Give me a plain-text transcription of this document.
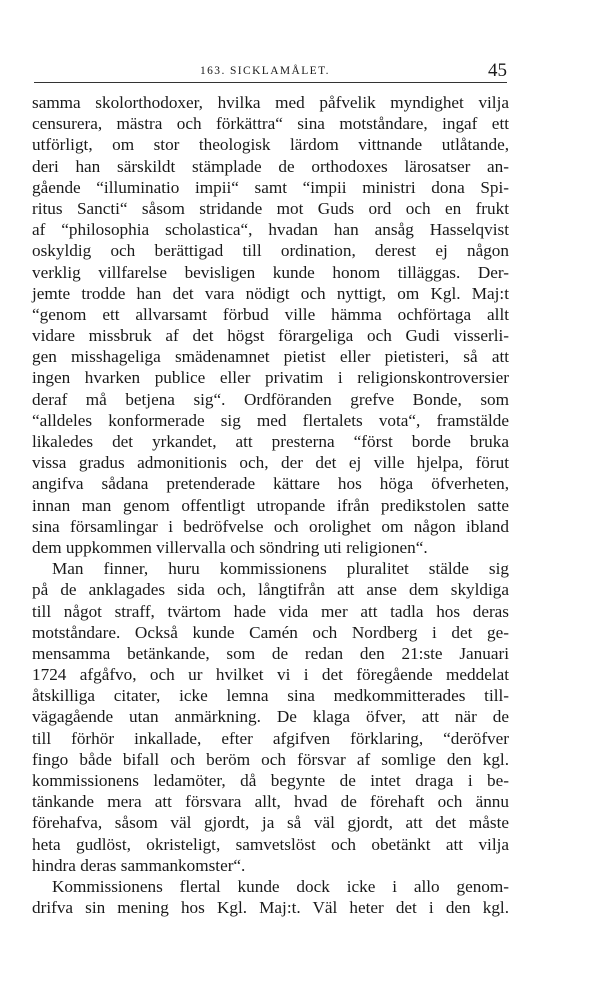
163. SICKLAMÅLET.	45
samma skolorthodoxer, hvilka med påfvelik myndighet vilja
censurera, mästra och förkättra“ sina motståndare, ingaf ett
utförligt, om stor theologisk lärdom vittnande utlåtande,
deri han särskildt stämplade de orthodoxes lärosatser an-
gående “illuminatio impii“ samt “impii ministri dona Spi-
ritus Sancti“ såsom stridande mot Guds ord och en frukt
af “philosophia scholastica“, hvadan han ansåg Hasselqvist
oskyldig och berättigad till ordination, derest ej någon
verklig villfarelse bevisligen kunde honom tilläggas. Der-
jemte trodde han det vara nödigt och nyttigt, om Kgl. Maj:t
“genom ett allvarsamt förbud ville hämma ochförtaga allt
vidare missbruk af det högst förargeliga och Gudi visserli-
gen misshageliga smädenamnet pietist eller pietisteri, så att
ingen hvarken publice eller privatim i religionskontroversier
deraf må betjena sig“. Ordföranden grefve Bonde, som
“alldeles konformerade sig med flertalets vota“, framstälde
likaledes det yrkandet, att presterna “först borde bruka
vissa gradus admonitionis och, der det ej ville hjelpa, förut
angifva sådana pretenderade kättare hos höga öfverheten,
innan man genom offentligt utropande ifrån predikstolen satte
sina församlingar i bedröfvelse och orolighet om någon ibland
dem uppkommen villervalla och söndring uti religionen“.
Man finner, huru kommissionens pluralitet stälde sig
på de anklagades sida och, långtifrån att anse dem skyldiga
till något straff, tvärtom hade vida mer att tadla hos deras
motståndare. Också kunde Camén och Nordberg i det ge-
mensamma betänkande, som de redan den 21:ste Januari
1724 afgåfvo, och ur hvilket vi i det föregående meddelat
åtskilliga citater, icke lemna sina medkommitterades till-
vägagående utan anmärkning. De klaga öfver, att när de
till förhör inkallade, efter afgifven förklaring, “deröfver
fingo både bifall och beröm och försvar af somlige den kgl.
kommissionens ledamöter, då begynte de intet draga i be-
tänkande mera att försvara allt, hvad de förehaft och ännu
förehafva, såsom väl gjordt, ja så väl gjordt, att det måste
heta gudlöst, okristeligt, samvetslöst och obetänkt att vilja
hindra deras sammankomster“.
Kommissionens flertal kunde dock icke i allo genom-
drifva sin mening hos Kgl. Maj:t. Väl heter det i den kgl.
